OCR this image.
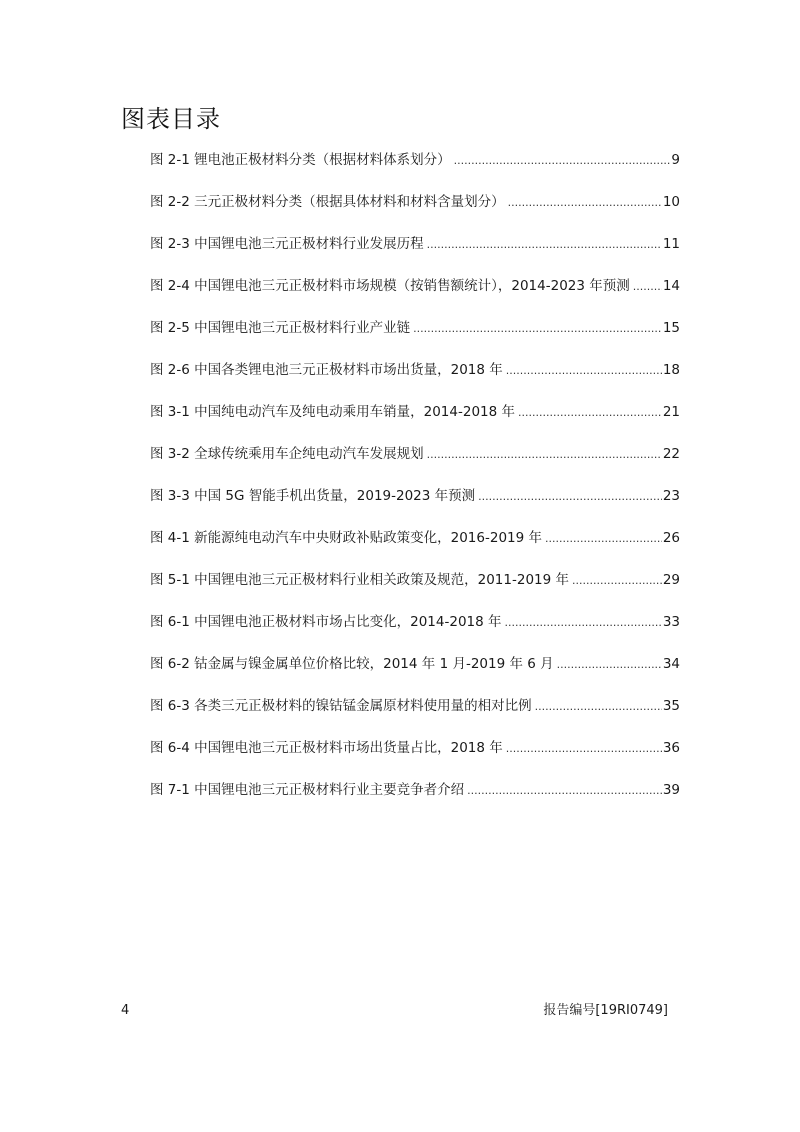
图表目录
图 2-1 锂电池正极材料分类（根据材料体系划分） .....	9
图 2-2 三元正极材料分类（根据具体材料和材料含量划分） .....	10
图 2-3 中国锂电池三元正极材料行业发展历程 .....	11
图 2-4 中国锂电池三元正极材料市场规模（按销售额统计），2014-2023 年预测 ..... 14
图 2-5 中国锂电池三元正极材料行业产业链 .....	15
图 2-6 中国各类锂电池三元正极材料市场出货量，2018 年 .....	18
图 3-1 中国纯电动汽车及纯电动乘用车销量，2014-2018 年 .....	21
图 3-2 全球传统乘用车企纯电动汽车发展规划 .....	22
图 3-3 中国 5G 智能手机出货量，2019-2023 年预测 .....	23
图 4-1 新能源纯电动汽车中央财政补贴政策变化，2016-2019 年 .....	26
图 5-1 中国锂电池三元正极材料行业相关政策及规范，2011-2019 年 .....	29
图 6-1 中国锂电池正极材料市场占比变化，2014-2018 年 .....	33
图 6-2 钴金属与镍金属单位价格比较，2014 年 1 月-2019 年 6 月 .....	34
图 6-3 各类三元正极材料的镍钴锰金属原材料使用量的相对比例 .....	35
图 6-4 中国锂电池三元正极材料市场出货量占比，2018 年 .....	36
图 7-1 中国锂电池三元正极材料行业主要竞争者介绍 .....	39
4	报告编号[19RI0749]
